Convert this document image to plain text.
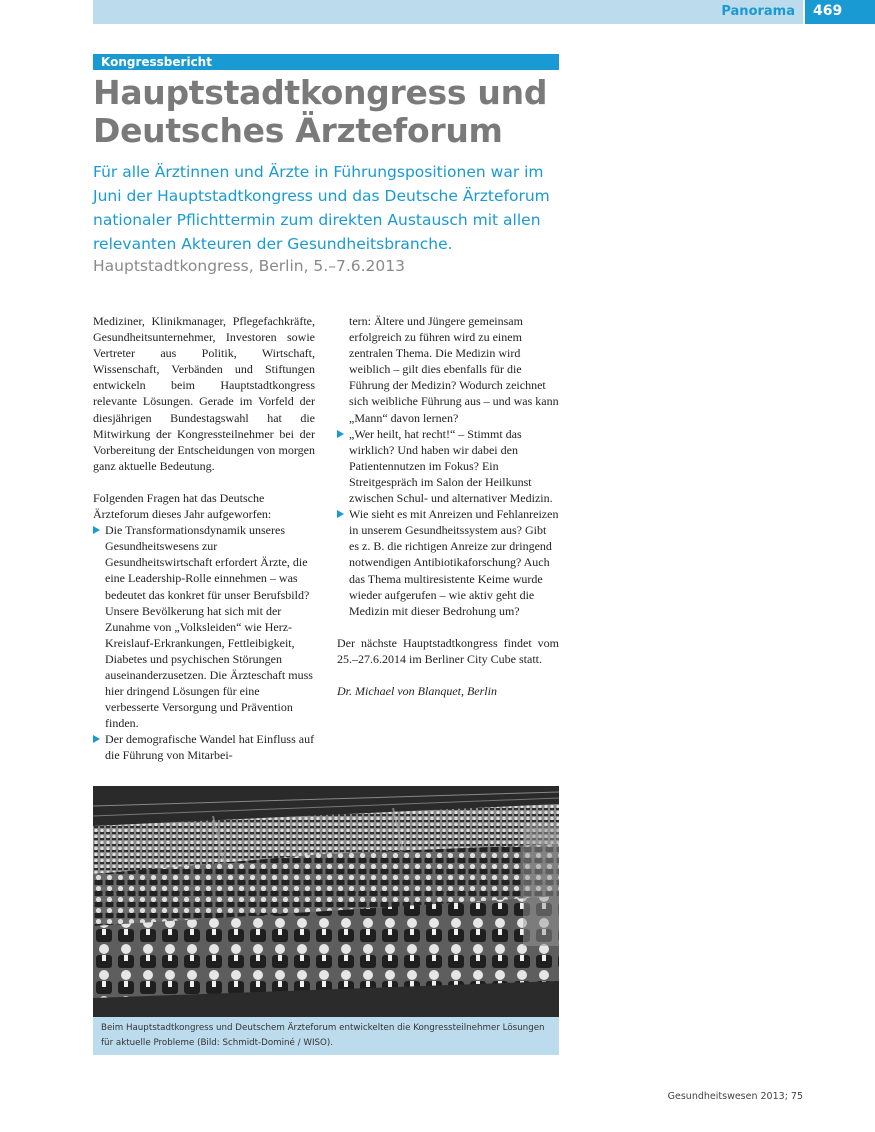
Panorama 469
Kongressbericht
Hauptstadtkongress und Deutsches Ärzteforum

Für alle Ärztinnen und Ärzte in Führungspositionen war im Juni der Hauptstadtkongress und das Deutsche Ärzteforum nationaler Pflichttermin zum direkten Austausch mit allen relevanten Akteuren der Gesundheitsbranche.

Hauptstadtkongress, Berlin, 5.–7.6.2013

Mediziner, Klinikmanager, Pflegefachkräfte, Gesundheitsunternehmer, Investoren sowie Vertreter aus Politik, Wirtschaft, Wissenschaft, Verbänden und Stiftungen entwickeln beim Hauptstadtkongress relevante Lösungen. Gerade im Vorfeld der diesjährigen Bundestagswahl hat die Mitwirkung der Kongressteilnehmer bei der Vorbereitung der Entscheidungen von morgen ganz aktuelle Bedeutung.

Folgenden Fragen hat das Deutsche Ärzteforum dieses Jahr aufgeworfen:

Die Transformationsdynamik unseres Gesundheitswesens zur Gesundheitswirtschaft erfordert Ärzte, die eine Leadership-Rolle einnehmen – was bedeutet das konkret für unser Berufsbild? Unsere Bevölkerung hat sich mit der Zunahme von „Volksleiden“ wie Herz-Kreislauf-Erkrankungen, Fettleibigkeit, Diabetes und psychischen Störungen auseinanderzusetzen. Die Ärzteschaft muss hier dringend Lösungen für eine verbesserte Versorgung und Prävention finden.
Der demografische Wandel hat Einfluss auf die Führung von Mitarbei-
tern: Ältere und Jüngere gemeinsam erfolgreich zu führen wird zu einem zentralen Thema. Die Medizin wird weiblich – gilt dies ebenfalls für die Führung der Medizin? Wodurch zeichnet sich weibliche Führung aus – und was kann „Mann“ davon lernen?
„Wer heilt, hat recht!“ – Stimmt das wirklich? Und haben wir dabei den Patientennutzen im Fokus? Ein Streitgespräch im Salon der Heilkunst zwischen Schul- und alternativer Medizin.
Wie sieht es mit Anreizen und Fehlanreizen in unserem Gesundheitssystem aus? Gibt es z. B. die richtigen Anreize zur dringend notwendigen Antibiotikaforschung? Auch das Thema multiresistente Keime wurde wieder aufgerufen – wie aktiv geht die Medizin mit dieser Bedrohung um?

Der nächste Hauptstadtkongress findet vom 25.–27.6.2014 im Berliner City Cube statt.

Dr. Michael von Blanquet, Berlin

Beim Hauptstadtkongress und Deutschem Ärzteforum entwickelten die Kongressteilnehmer Lösungen für aktuelle Probleme (Bild: Schmidt-Dominé / WISO).

Gesundheitswesen 2013; 75
